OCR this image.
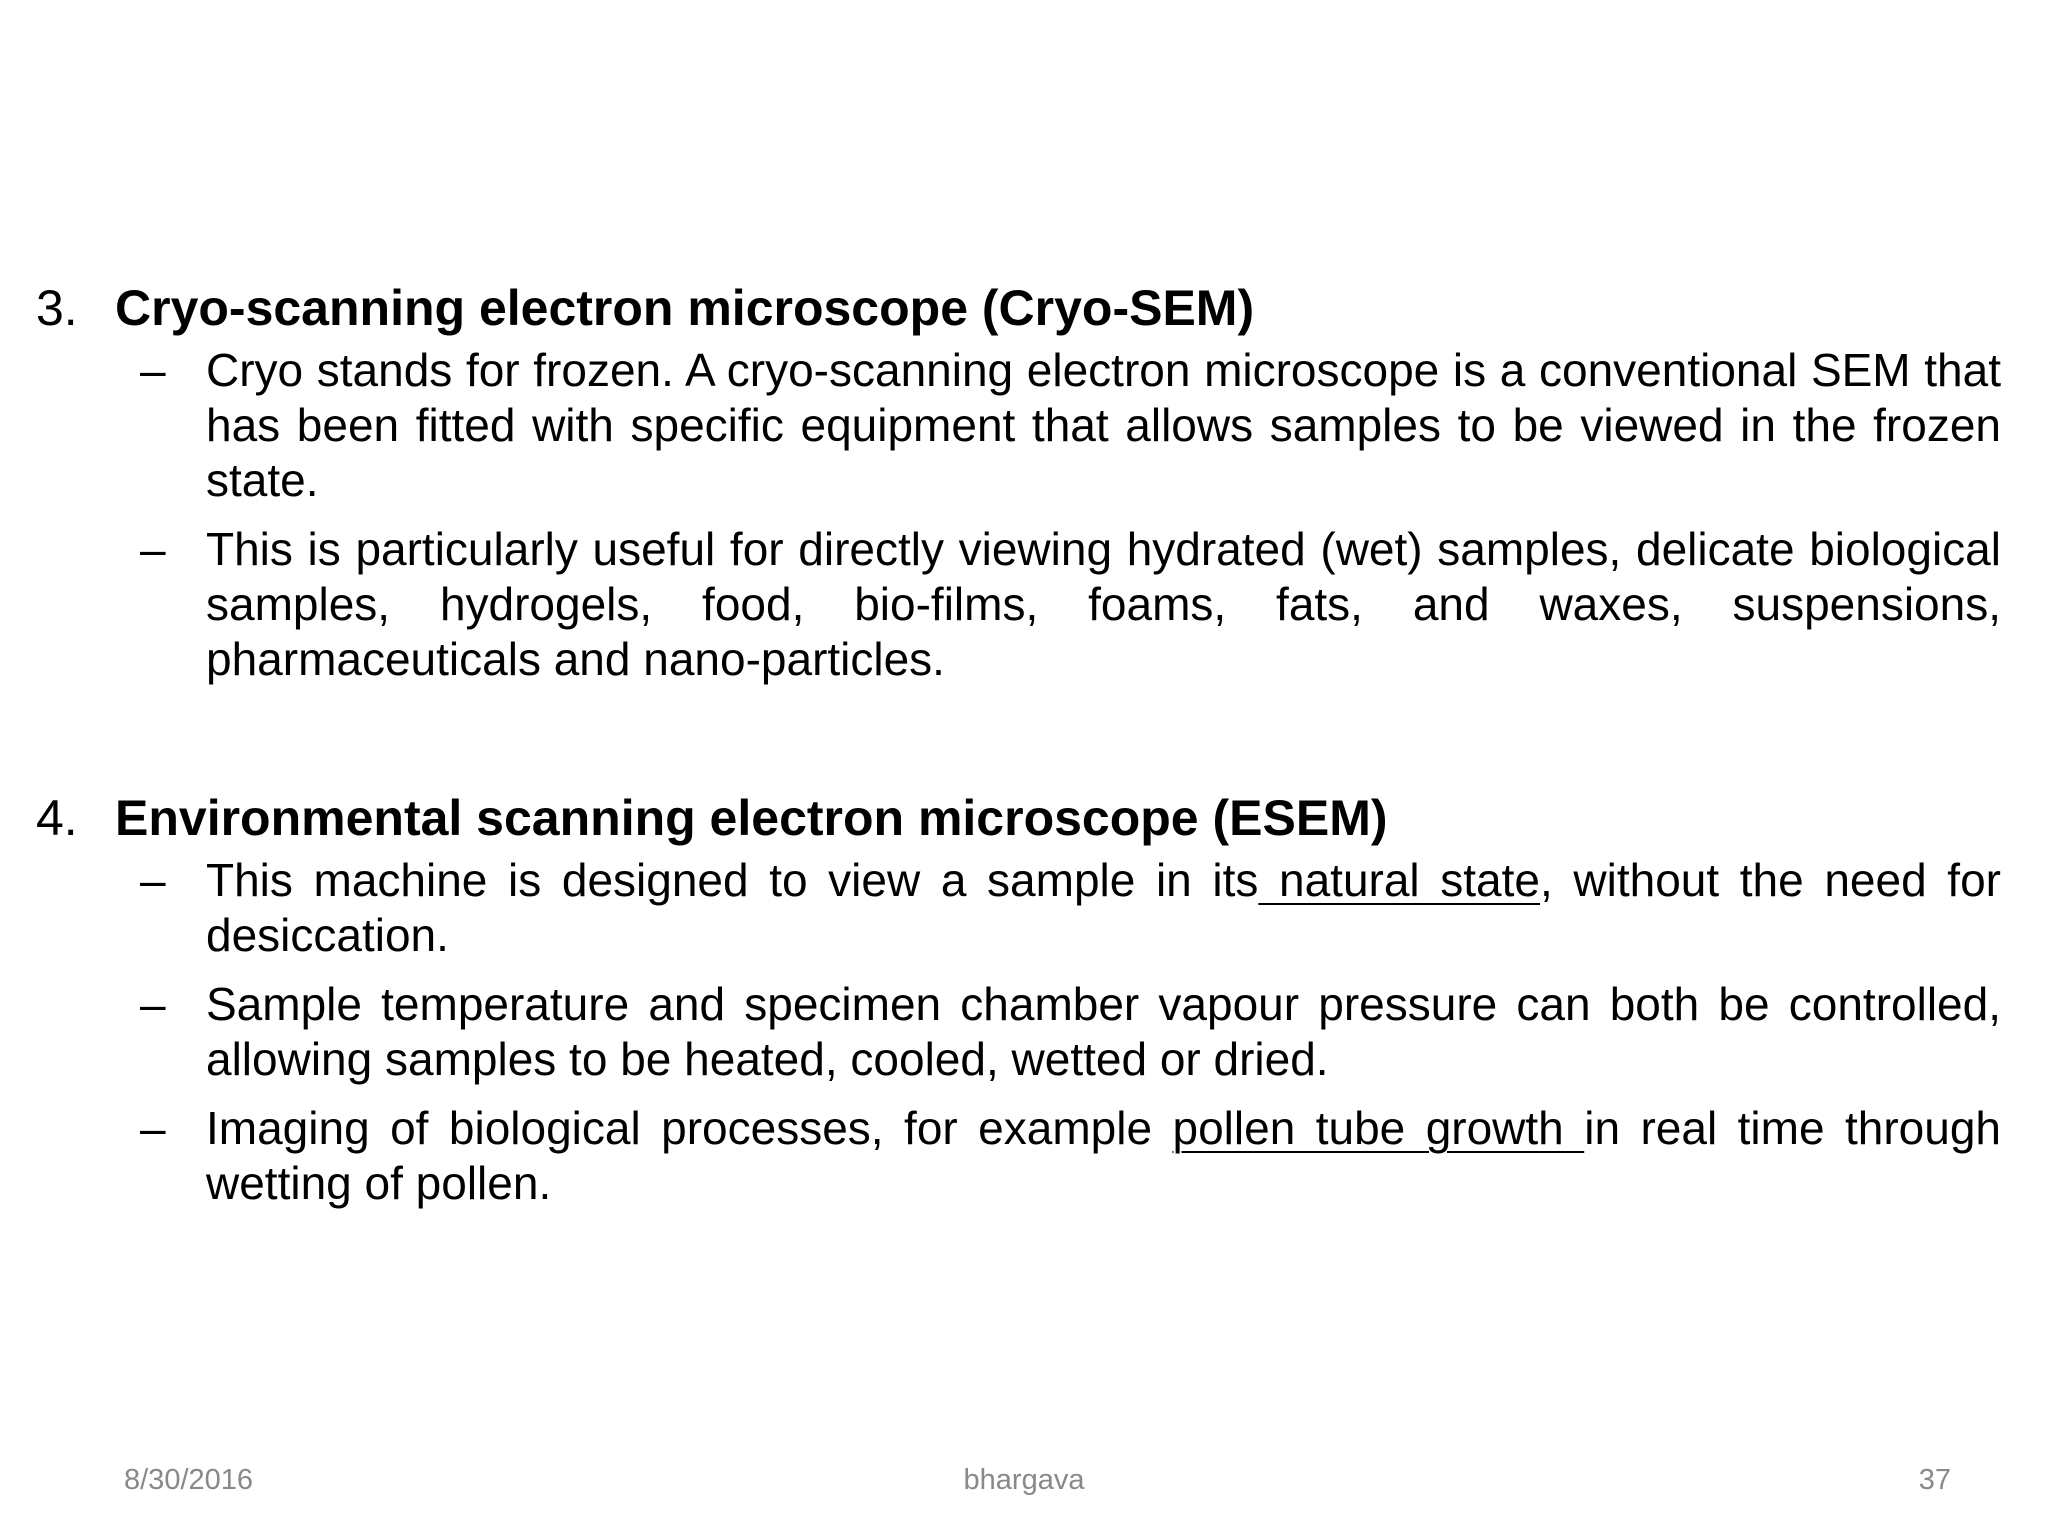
3. Cryo-scanning electron microscope (Cryo-SEM)
– Cryo stands for frozen. A cryo-scanning electron microscope is a conventional SEM that has been fitted with specific equipment that allows samples to be viewed in the frozen state.
– This is particularly useful for directly viewing hydrated (wet) samples, delicate biological samples, hydrogels, food, bio-films, foams, fats, and waxes, suspensions, pharmaceuticals and nano-particles.
4. Environmental scanning electron microscope (ESEM)
– This machine is designed to view a sample in its natural state, without the need for desiccation.
– Sample temperature and specimen chamber vapour pressure can both be controlled, allowing samples to be heated, cooled, wetted or dried.
– Imaging of biological processes, for example pollen tube growth in real time through wetting of pollen.
8/30/2016	bhargava	37
